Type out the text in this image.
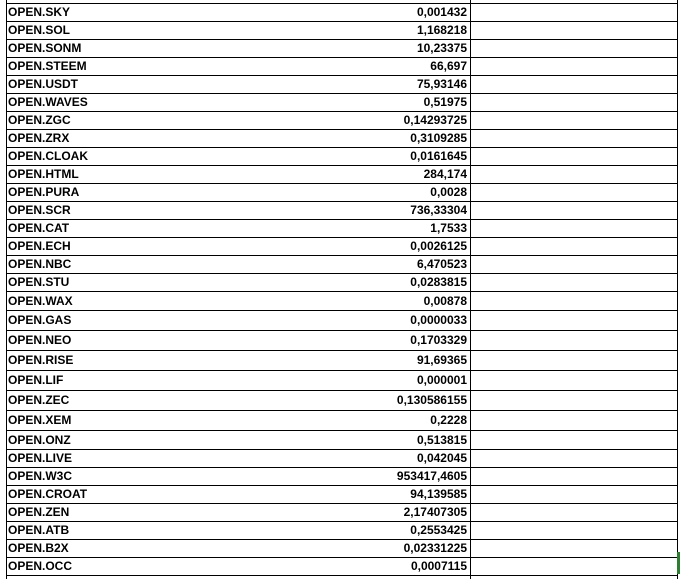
OPEN.SKY	0,001432
OPEN.SOL	1,168218
OPEN.SONM	10,23375
OPEN.STEEM	66,697
OPEN.USDT	75,93146
OPEN.WAVES	0,51975
OPEN.ZGC	0,14293725
OPEN.ZRX	0,3109285
OPEN.CLOAK	0,0161645
OPEN.HTML	284,174
OPEN.PURA	0,0028
OPEN.SCR	736,33304
OPEN.CAT	1,7533
OPEN.ECH	0,0026125
OPEN.NBC	6,470523
OPEN.STU	0,0283815
OPEN.WAX	0,00878
OPEN.GAS	0,0000033
OPEN.NEO	0,1703329
OPEN.RISE	91,69365
OPEN.LIF	0,000001
OPEN.ZEC	0,130586155
OPEN.XEM	0,2228
OPEN.ONZ	0,513815
OPEN.LIVE	0,042045
OPEN.W3C	953417,4605
OPEN.CROAT	94,139585
OPEN.ZEN	2,17407305
OPEN.ATB	0,2553425
OPEN.B2X	0,02331225
OPEN.OCC	0,0007115
